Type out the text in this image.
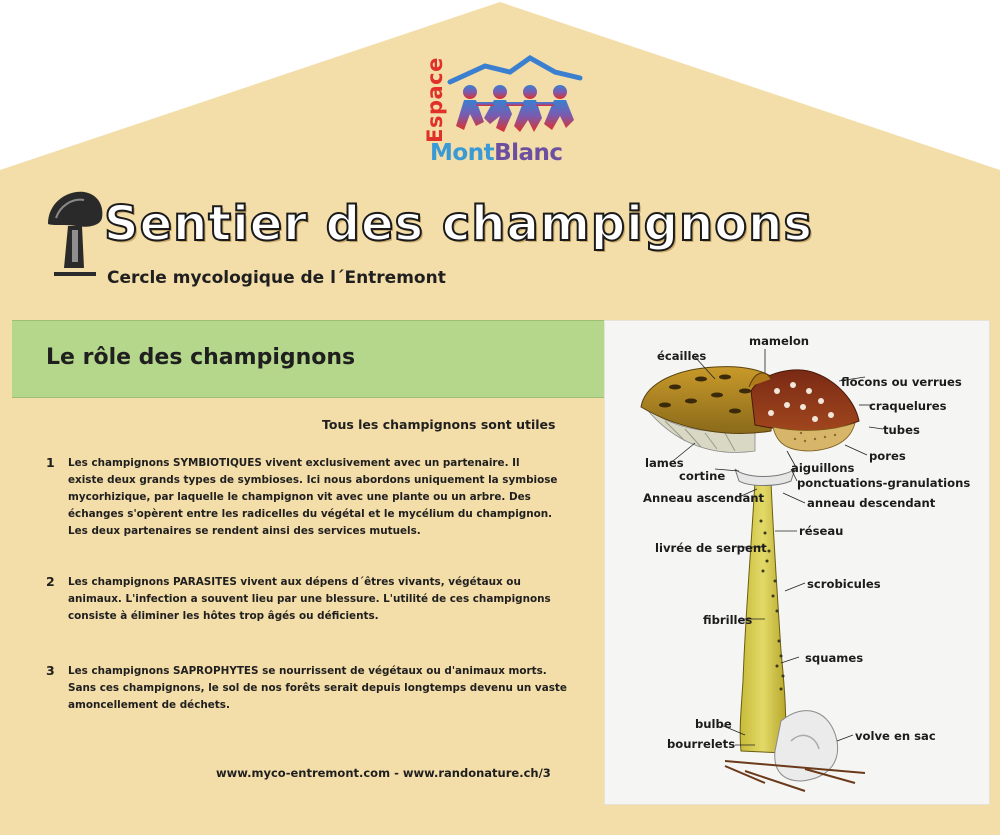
Espace
MontBlanc
Sentier des champignons
Cercle mycologique de l´Entremont
Le rôle des champignons
Tous les champignons sont utiles
1 Les champignons SYMBIOTIQUES vivent exclusivement avec un partenaire. Il
existe deux grands types de symbioses. Ici nous abordons uniquement la symbiose
mycorhizique, par laquelle le champignon vit avec une plante ou un arbre. Des
échanges s'opèrent entre les radicelles du végétal et le mycélium du champignon.
Les deux partenaires se rendent ainsi des services mutuels.
2 Les champignons PARASITES vivent aux dépens d´êtres vivants, végétaux ou
animaux. L'infection a souvent lieu par une blessure. L'utilité de ces champignons
consiste à éliminer les hôtes trop âgés ou déficients.
3 Les champignons SAPROPHYTES se nourrissent de végétaux ou d'animaux morts.
Sans ces champignons, le sol de nos forêts serait depuis longtemps devenu un vaste
amoncellement de déchets.
www.myco-entremont.com - www.randonature.ch/3
mamelon
écailles
flocons ou verrues
craquelures
tubes
pores
lames	aiguillons
cortine	ponctuations-granulations
Anneau ascendant	anneau descendant
réseau
livrée de serpent
scrobicules
fibrilles
squames
bulbe
bourrelets
volve en sac
